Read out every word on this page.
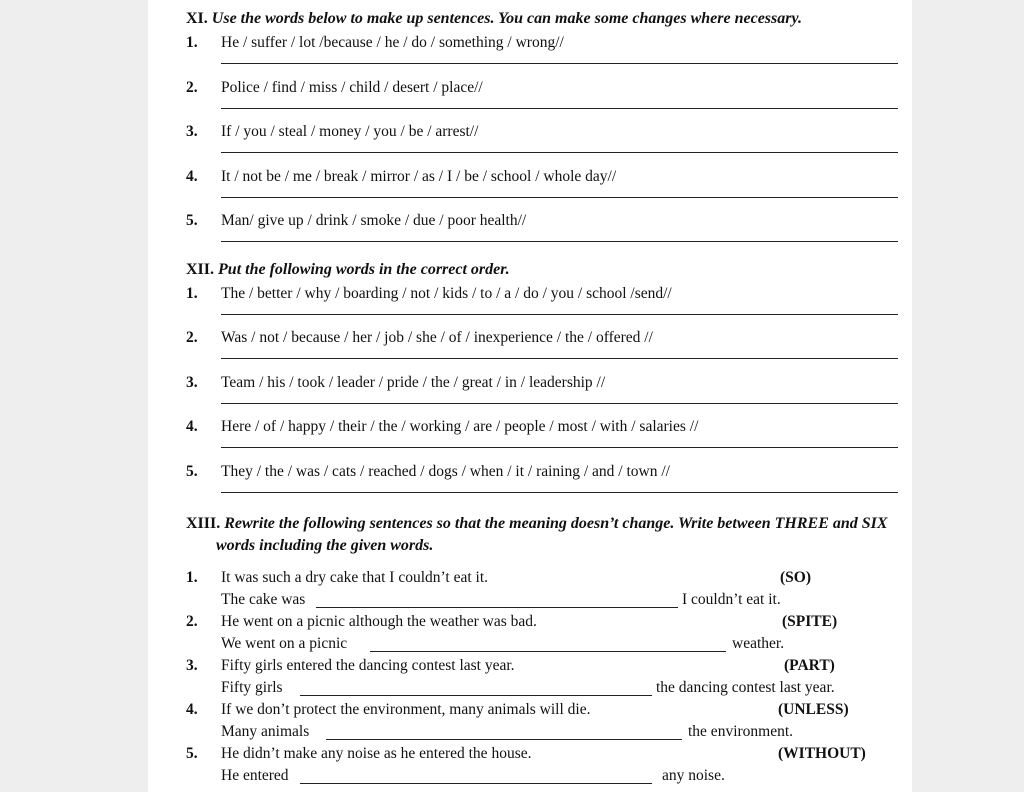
XI. Use the words below to make up sentences. You can make some changes where necessary.
1. He / suffer / lot /because / he / do / something / wrong//
2. Police / find / miss / child / desert / place//
3. If / you / steal / money / you / be / arrest//
4. It / not be / me / break / mirror / as / I / be / school / whole day//
5. Man/ give up / drink / smoke / due / poor health//
XII. Put the following words in the correct order.
1. The / better / why / boarding / not / kids / to / a / do / you / school /send//
2. Was / not / because / her / job / she / of / inexperience / the / offered //
3. Team / his / took / leader / pride / the / great / in / leadership //
4. Here / of / happy / their / the / working / are / people / most / with / salaries //
5. They / the / was / cats / reached / dogs / when / it / raining / and / town //
XIII. Rewrite the following sentences so that the meaning doesn’t change. Write between THREE and SIX words including the given words.
1. It was such a dry cake that I couldn’t eat it.	(SO)
The cake was	I couldn’t eat it.
2. He went on a picnic although the weather was bad.	(SPITE)
We went on a picnic	weather.
3. Fifty girls entered the dancing contest last year.	(PART)
Fifty girls	the dancing contest last year.
4. If we don’t protect the environment, many animals will die.	(UNLESS)
Many animals	the environment.
5. He didn’t make any noise as he entered the house.	(WITHOUT)
He entered	any noise.
